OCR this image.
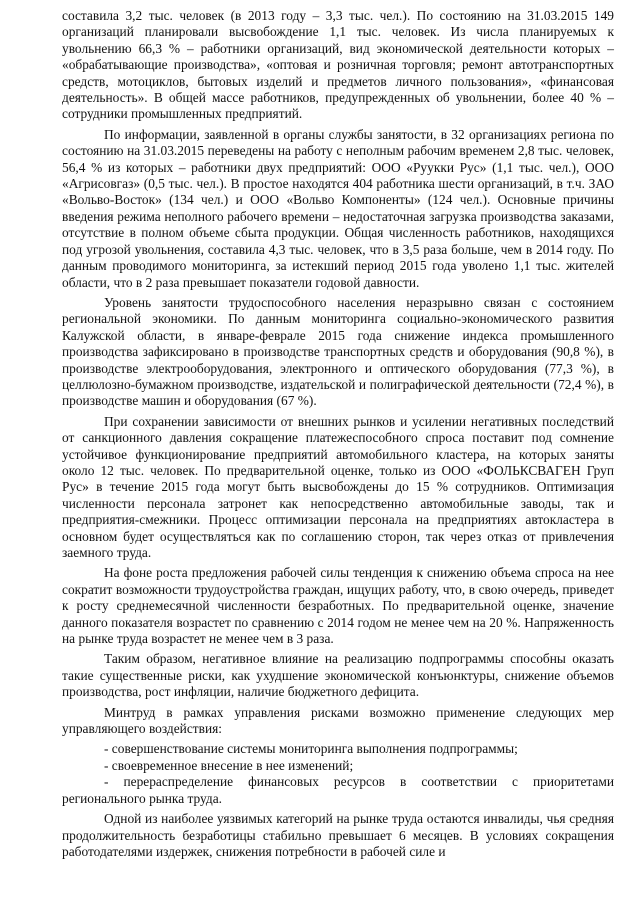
составила 3,2 тыс. человек (в 2013 году – 3,3 тыс. чел.). По состоянию на 31.03.2015 149 организаций планировали высвобождение 1,1 тыс. человек. Из числа планируемых к увольнению 66,3 % – работники организаций, вид экономической деятельности которых – «обрабатывающие производства», «оптовая и розничная торговля; ремонт автотранспортных средств, мотоциклов, бытовых изделий и предметов личного пользования», «финансовая деятельность». В общей массе работников, предупрежденных об увольнении, более 40 % – сотрудники промышленных предприятий.

По информации, заявленной в органы службы занятости, в 32 организациях региона по состоянию на 31.03.2015 переведены на работу с неполным рабочим временем 2,8 тыс. человек, 56,4 % из которых – работники двух предприятий: ООО «Руукки Рус» (1,1 тыс. чел.), ООО «Агрисовгаз» (0,5 тыс. чел.). В простое находятся 404 работника шести организаций, в т.ч. ЗАО «Вольво-Восток» (134 чел.) и ООО «Вольво Компоненты» (124 чел.). Основные причины введения режима неполного рабочего времени – недостаточная загрузка производства заказами, отсутствие в полном объеме сбыта продукции. Общая численность работников, находящихся под угрозой увольнения, составила 4,3 тыс. человек, что в 3,5 раза больше, чем в 2014 году. По данным проводимого мониторинга, за истекший период 2015 года уволено 1,1 тыс. жителей области, что в 2 раза превышает показатели годовой давности.

Уровень занятости трудоспособного населения неразрывно связан с состоянием региональной экономики. По данным мониторинга социально-экономического развития Калужской области, в январе-феврале 2015 года снижение индекса промышленного производства зафиксировано в производстве транспортных средств и оборудования (90,8 %), в производстве электрооборудования, электронного и оптического оборудования (77,3 %), в целлюлозно-бумажном производстве, издательской и полиграфической деятельности (72,4 %), в производстве машин и оборудования (67 %).

При сохранении зависимости от внешних рынков и усилении негативных последствий от санкционного давления сокращение платежеспособного спроса поставит под сомнение устойчивое функционирование предприятий автомобильного кластера, на которых заняты около 12 тыс. человек. По предварительной оценке, только из ООО «ФОЛЬКСВАГЕН Груп Рус» в течение 2015 года могут быть высвобождены до 15 % сотрудников. Оптимизация численности персонала затронет как непосредственно автомобильные заводы, так и предприятия-смежники. Процесс оптимизации персонала на предприятиях автокластера в основном будет осуществляться как по соглашению сторон, так через отказ от привлечения заемного труда.

На фоне роста предложения рабочей силы тенденция к снижению объема спроса на нее сократит возможности трудоустройства граждан, ищущих работу, что, в свою очередь, приведет к росту среднемесячной численности безработных. По предварительной оценке, значение данного показателя возрастет по сравнению с 2014 годом не менее чем на 20 %. Напряженность на рынке труда возрастет не менее чем в 3 раза.

Таким образом, негативное влияние на реализацию подпрограммы способны оказать такие существенные риски, как ухудшение экономической конъюнктуры, снижение объемов производства, рост инфляции, наличие бюджетного дефицита.

Минтруд в рамках управления рисками возможно применение следующих мер управляющего воздействия:

- совершенствование системы мониторинга выполнения подпрограммы;

- своевременное внесение в нее изменений;

- перераспределение финансовых ресурсов в соответствии с приоритетами регионального рынка труда.

Одной из наиболее уязвимых категорий на рынке труда остаются инвалиды, чья средняя продолжительность безработицы стабильно превышает 6 месяцев. В условиях сокращения работодателями издержек, снижения потребности в рабочей силе и
